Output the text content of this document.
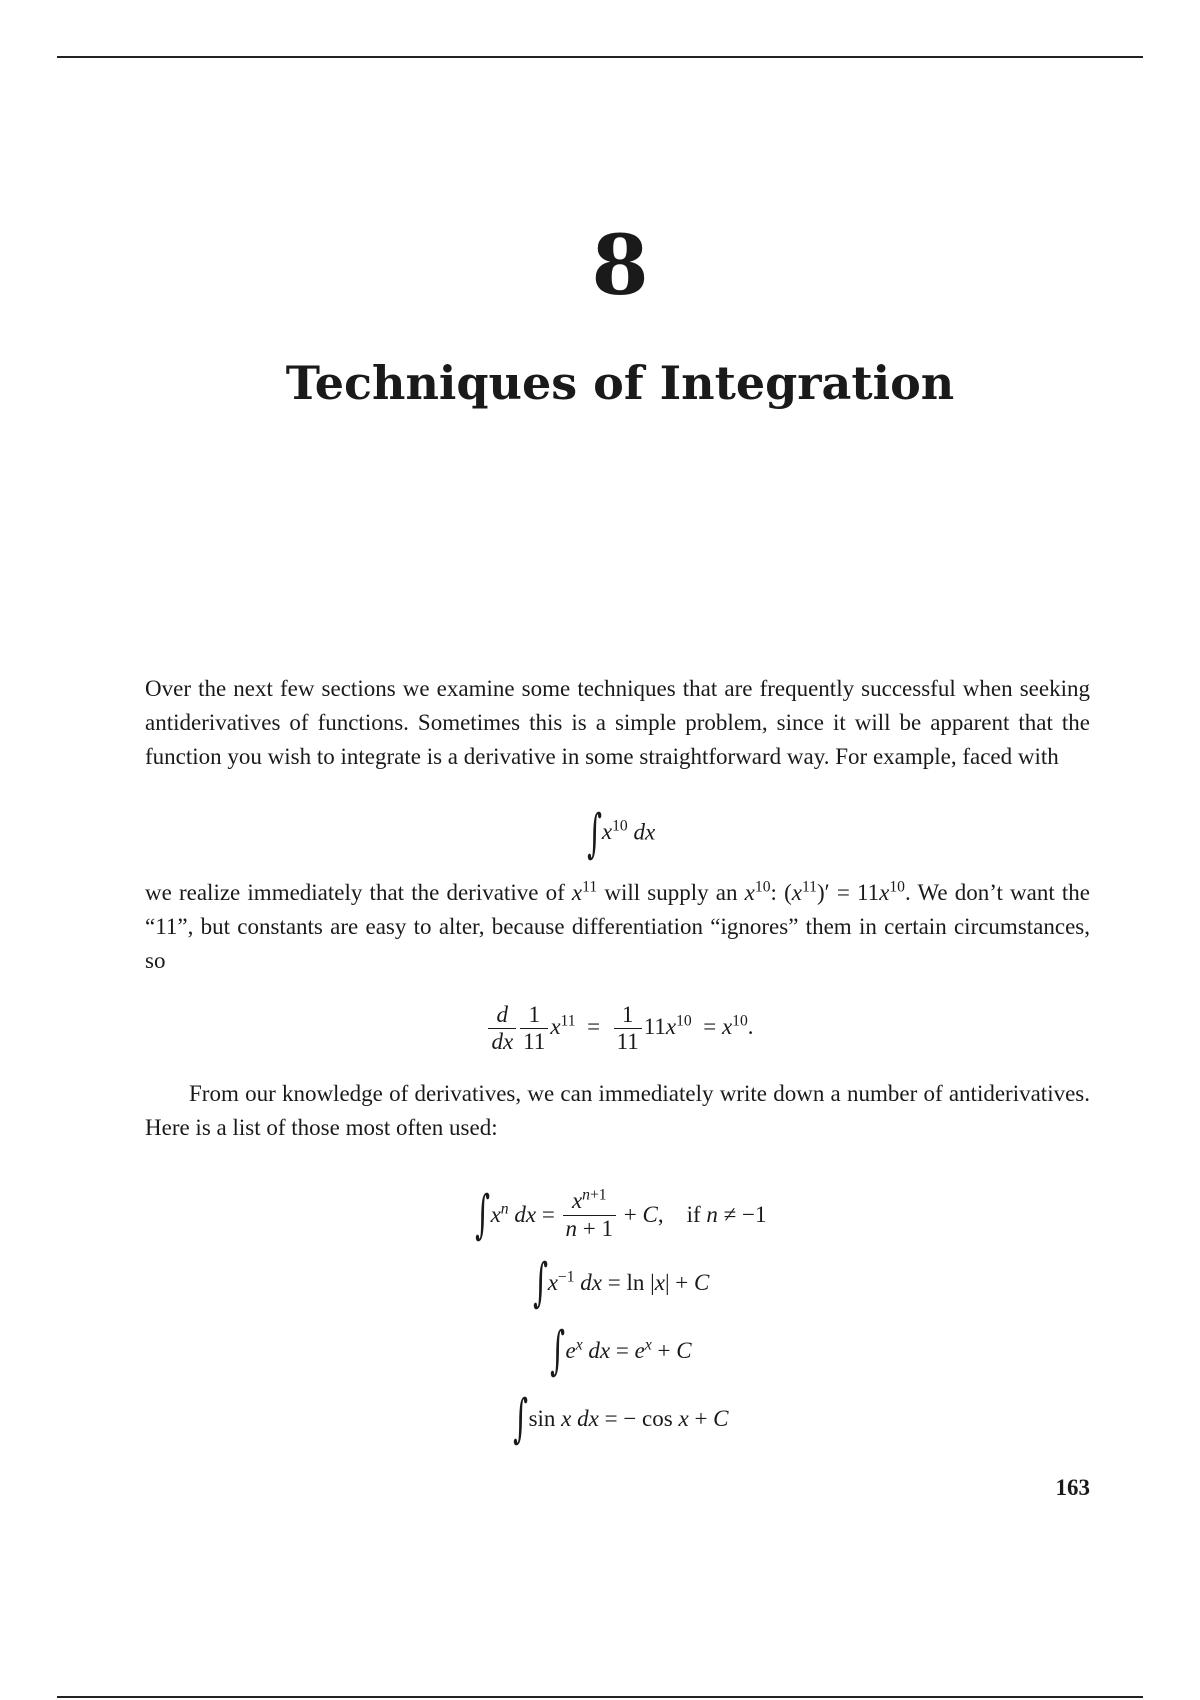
8
Techniques of Integration

Over the next few sections we examine some techniques that are frequently successful when seeking antiderivatives of functions. Sometimes this is a simple problem, since it will be apparent that the function you wish to integrate is a derivative in some straightforward way. For example, faced with

$\int x^{10}$ dx

we realize immediately that the derivative of $x^{11}$ will supply an $x^{10}$: $(x^{11})' = 11x^{10}$. We don’t want the “11”, but constants are easy to alter, because differentiation “ignores” them in certain circumstances, so

$\frac{d}{dx} \frac{1}{11} x^{11} = \frac{1}{11} 11x^{10} = x^{10}$.

From our knowledge of derivatives, we can immediately write down a number of antiderivatives. Here is a list of those most often used:

∫ $x^n$
dx = $\frac{x^{n+1}}{n + 1} + C$ , if
n ≠ −1
∫ $x^{-1}$
dx = ln | x | + C
∫ $e^x$
dx = $e^x + C$
∫ sin x
dx = − cos x + C
163
